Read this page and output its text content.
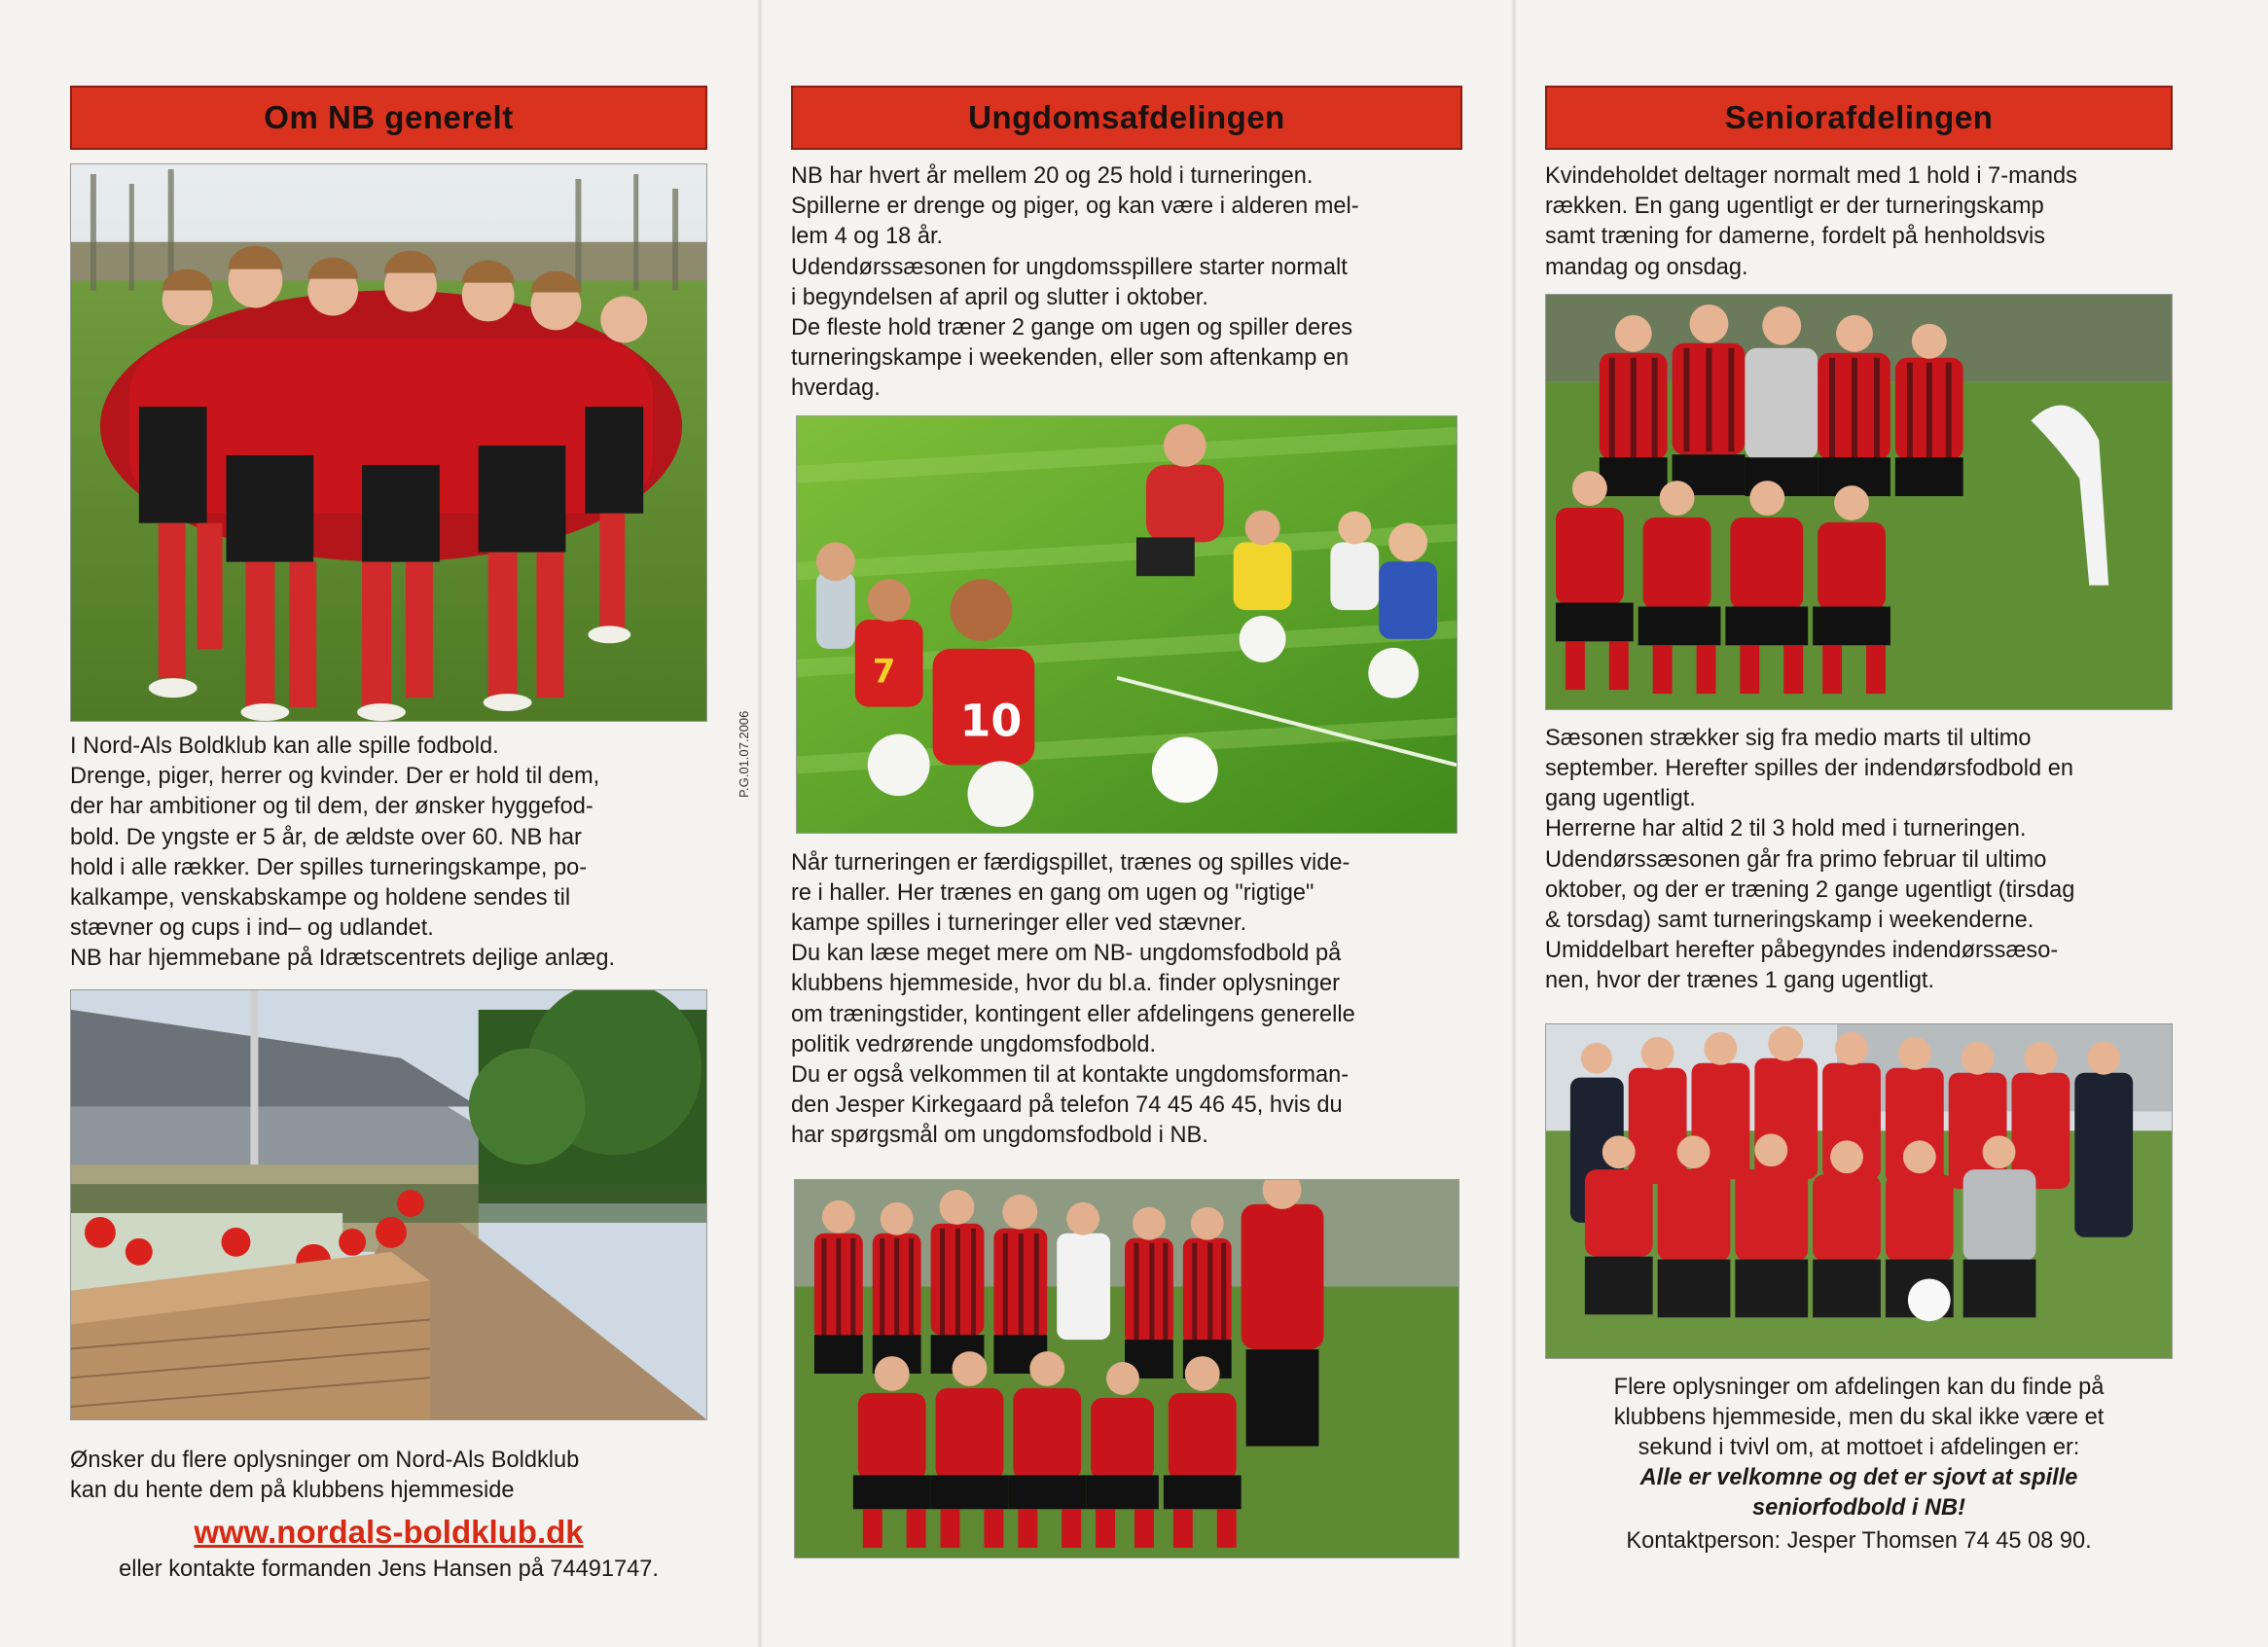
Om NB generelt

I Nord-Als Boldklub kan alle spille fodbold.

Drenge, piger, herrer og kvinder. Der er hold til dem,

der har ambitioner og til dem, der ønsker hyggefod-

bold. De yngste er 5 år, de ældste over 60. NB har

hold i alle rækker. Der spilles turneringskampe, po-

kalkampe, venskabskampe og holdene sendes til

stævner og cups i ind– og udlandet.

NB har hjemmebane på Idrætscentrets dejlige anlæg.

Ønsker du flere oplysninger om Nord-Als Boldklub

kan du hente dem på klubbens hjemmeside

www.nordals-boldklub.dk
eller kontakte formanden Jens Hansen på 74491747.
P.G.01.07.2006
Ungdomsafdelingen

NB har hvert år mellem 20 og 25 hold i turneringen.

Spillerne er drenge og piger, og kan være i alderen mel-

lem 4 og 18 år.

Udendørssæsonen for ungdomsspillere starter normalt

i begyndelsen af april og slutter i oktober.

De fleste hold træner 2 gange om ugen og spiller deres

turneringskampe i weekenden, eller som aftenkamp en

hverdag.

10
7

Når turneringen er færdigspillet, trænes og spilles vide-

re i haller. Her trænes en gang om ugen og "rigtige"

kampe spilles i turneringer eller ved stævner.

Du kan læse meget mere om NB- ungdomsfodbold på

klubbens hjemmeside, hvor du bl.a. finder oplysninger

om træningstider, kontingent eller afdelingens generelle

politik vedrørende ungdomsfodbold.

Du er også velkommen til at kontakte ungdomsforman-

den Jesper Kirkegaard på telefon 74 45 46 45, hvis du

har spørgsmål om ungdomsfodbold i NB.

Seniorafdelingen

Kvindeholdet deltager normalt med 1 hold i 7-mands

rækken. En gang ugentligt er der turneringskamp

samt træning for damerne, fordelt på henholdsvis

mandag og onsdag.

Sæsonen strækker sig fra medio marts til ultimo

september. Herefter spilles der indendørsfodbold en

gang ugentligt.

Herrerne har altid 2 til 3 hold med i turneringen.

Udendørssæsonen går fra primo februar til ultimo

oktober, og der er træning 2 gange ugentligt (tirsdag

& torsdag) samt turneringskamp i weekenderne.

Umiddelbart herefter påbegyndes indendørssæso-

nen, hvor der trænes 1 gang ugentligt.

Flere oplysninger om afdelingen kan du finde på

klubbens hjemmeside, men du skal ikke være et

sekund i tvivl om, at mottoet i afdelingen er:

Alle er velkomne og det er sjovt at spille

seniorfodbold i NB!

Kontaktperson: Jesper Thomsen 74 45 08 90.
